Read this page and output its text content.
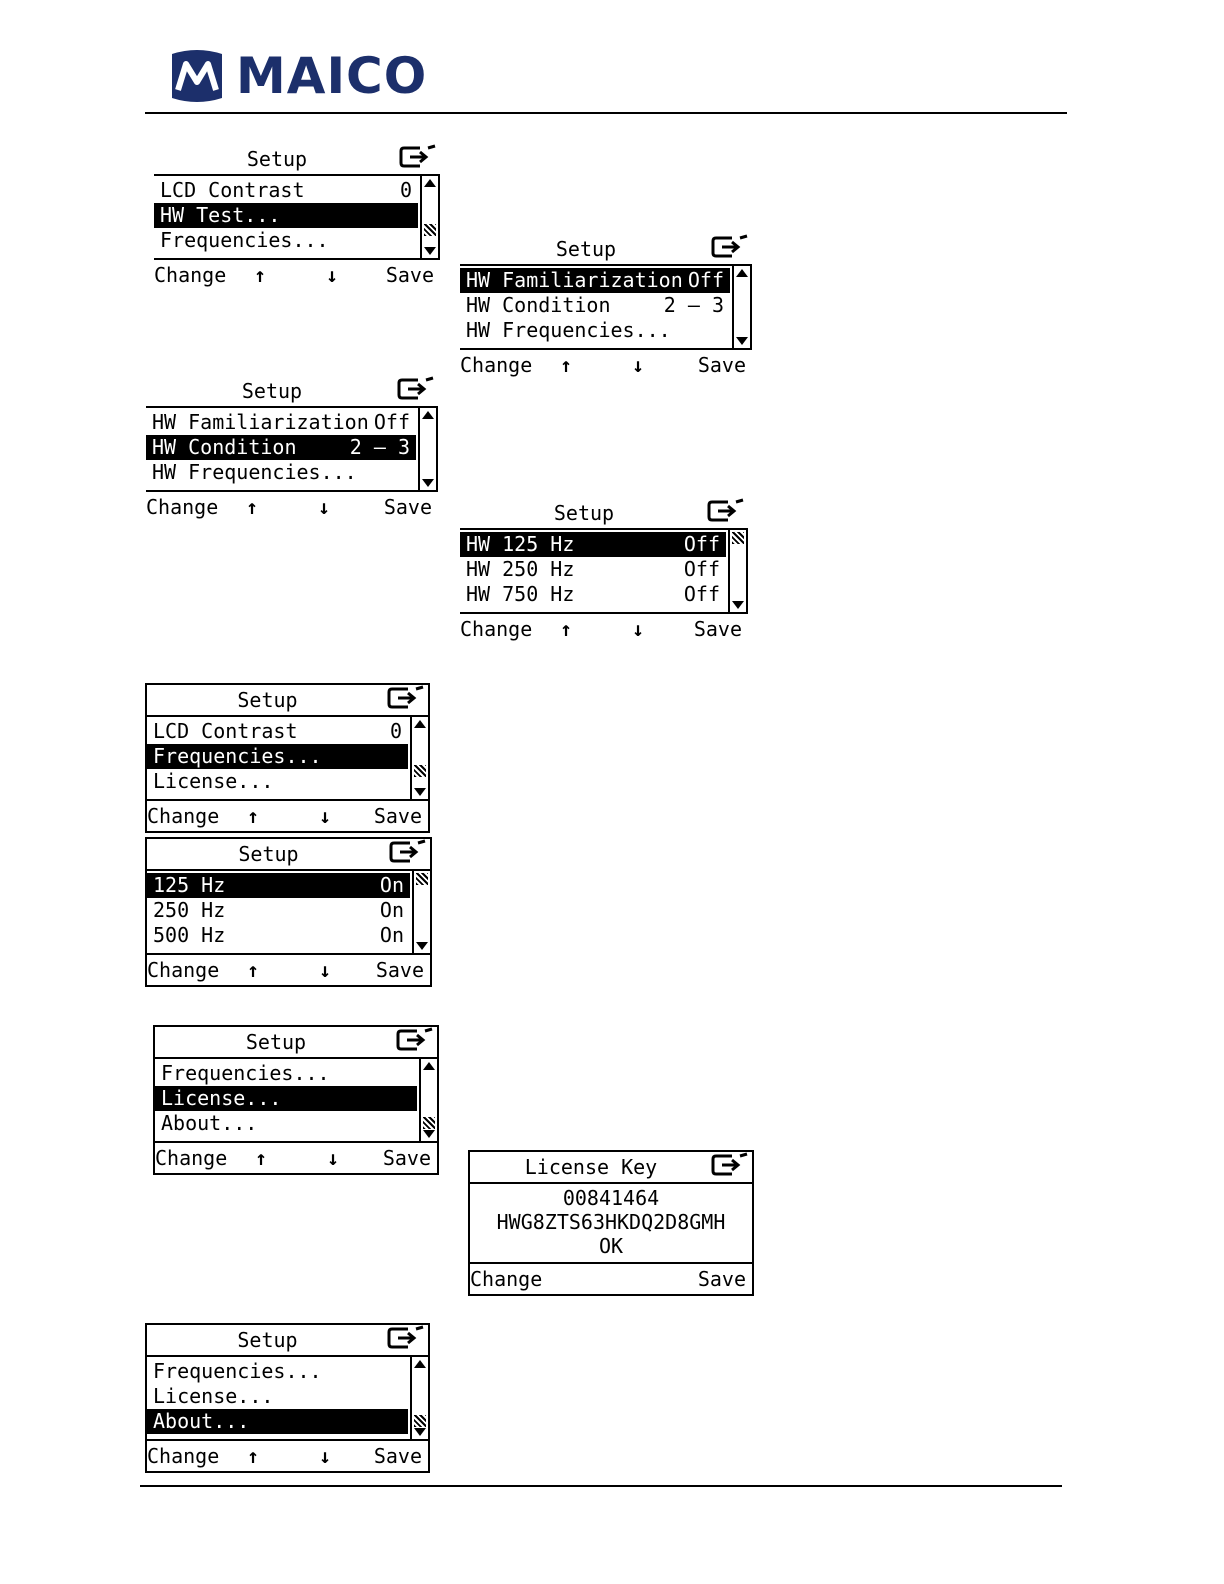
MAICO
Setup
LCD Contrast	0
HW Test...
Frequencies...
Change ↑	↓ Save
Setup
HW Familiarization Off
HW Condition	2 – 3
HW Frequencies...
Change ↑	↓	Save
Setup
HW Familiarization Off
HW Condition	2 – 3
HW Frequencies...
Change ↑	↓	Save	Setup
HW 125 Hz	Off
HW 250 Hz	Off
HW 750 Hz	Off
Change ↑	↓ Save
Setup
LCD Contrast	0
Frequencies...
License...
Change ↑	↓ Save
Setup
125 Hz	On
250 Hz	On
500 Hz	On
Change ↑	↓ Save
Setup
Frequencies...
License...
About...
Change ↑	↓ Save
Setup
Frequencies...
License...
About...
Change ↑	↓ Save
License Key
00841464
HWG8ZTS63HKDQ2D8GMH
OK
Change	Save
